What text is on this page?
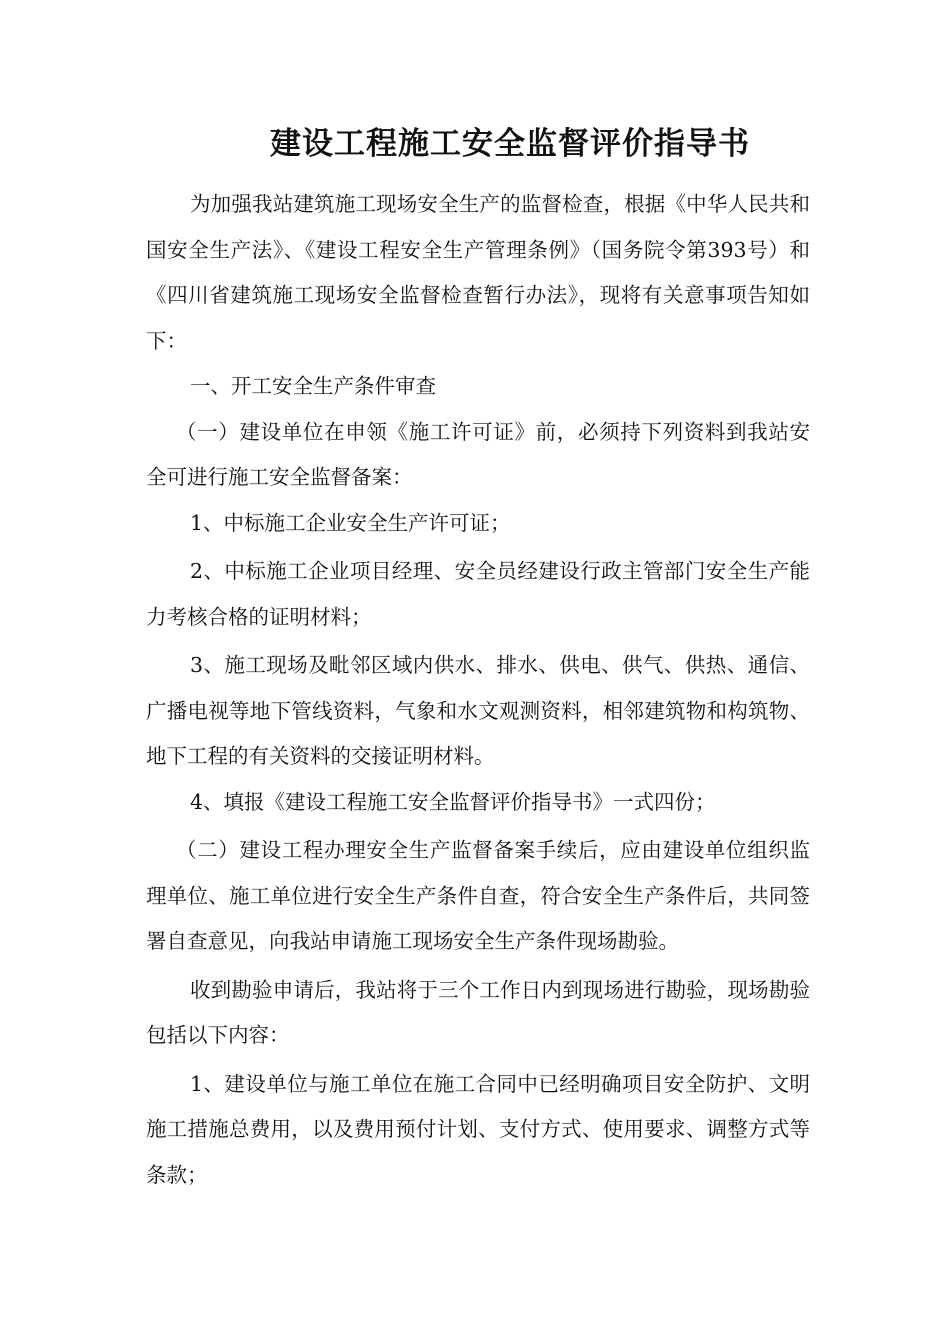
建设工程施工安全监督评价指导书

为加强我站建筑施工现场安全生产的监督检查，根据《中华人民共和国安全生产法》、《建设工程安全生产管理条例》（国务院令第393号）和《四川省建筑施工现场安全监督检查暂行办法》，现将有关意事项告知如下：

一、开工安全生产条件审查

（一）建设单位在申领《施工许可证》前，必须持下列资料到我站安全可进行施工安全监督备案：

1、中标施工企业安全生产许可证；

2、中标施工企业项目经理、安全员经建设行政主管部门安全生产能力考核合格的证明材料；

3、施工现场及毗邻区域内供水、排水、供电、供气、供热、通信、广播电视等地下管线资料，气象和水文观测资料，相邻建筑物和构筑物、地下工程的有关资料的交接证明材料。

4、填报《建设工程施工安全监督评价指导书》一式四份；

（二）建设工程办理安全生产监督备案手续后，应由建设单位组织监理单位、施工单位进行安全生产条件自查，符合安全生产条件后，共同签署自查意见，向我站申请施工现场安全生产条件现场勘验。

收到勘验申请后，我站将于三个工作日内到现场进行勘验，现场勘验包括以下内容：

1、建设单位与施工单位在施工合同中已经明确项目安全防护、文明施工措施总费用，以及费用预付计划、支付方式、使用要求、调整方式等条款；
